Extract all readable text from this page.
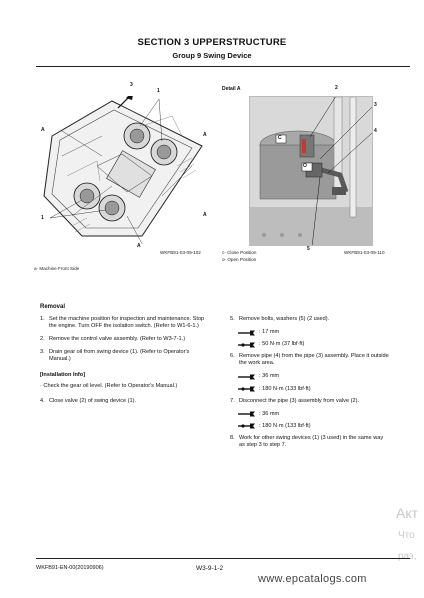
SECTION 3 UPPERSTRUCTURE
Group 9 Swing Device
3
1
A
A
1
A
A
WKFB91-03-09-102
a- Machine Front Side
Detail A	2
3
4
C
O
5
c- Close Position
o- Open Position
WKFB91-03-09-110
Removal
1. Set the machine position for inspection and maintenance. Stop the engine. Turn OFF the isolation switch. (Refer to W1-6-1.)
2. Remove the control valve assembly. (Refer to W3-7-1.)
3. Drain gear oil from swing device (1). (Refer to Operator's Manual.)
[Installation Info]
· Check the gear oil level. (Refer to Operator's Manual.)
4. Close valve (2) of swing device (1).
5. Remove bolts, washers (5) (2 used).
: 17 mm
: 50 N·m (37 lbf·ft)
6. Remove pipe (4) from the pipe (3) assembly. Place it outside the work area.
: 36 mm
: 180 N·m (133 lbf·ft)
7. Disconnect the pipe (3) assembly from valve (2).
: 36 mm
: 180 N·m (133 lbf·ft)
8. Work for other swing devices (1) (3 used) in the same way as step 3 to step 7.
Акт
Что
раз,
WKFB91-EN-00(20190906)	W3-9-1-2
www.epcatalogs.com
